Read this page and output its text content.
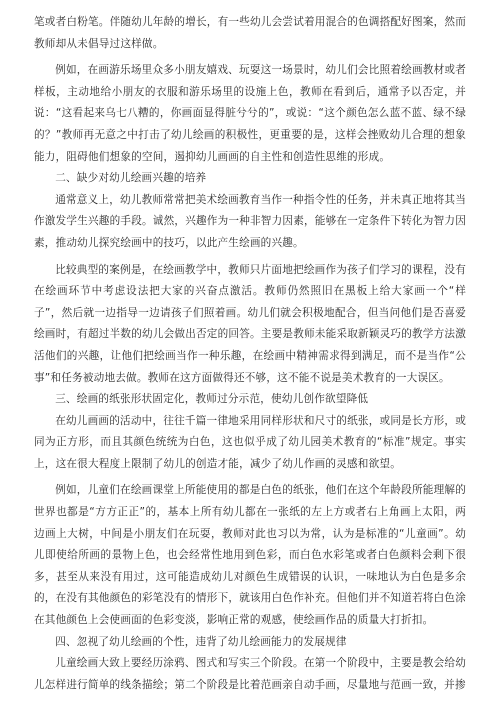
笔或者白粉笔。伴随幼儿年龄的增长，有一些幼儿会尝试着用混合的色调搭配好图案，然而教师却从未倡导过这样做。

例如，在画游乐场里众多小朋友嬉戏、玩耍这一场景时，幼儿们会比照着绘画教材或者样板，主动地给小朋友的衣服和游乐场里的设施上色，教师在看到后，通常予以否定，并说：“这看起来乌七八糟的，你画面显得脏兮兮的”，或说：“这个颜色怎么蓝不蓝、绿不绿的？”教师再无意之中打击了幼儿绘画的积极性，更重要的是，这样会挫败幼儿合理的想象能力，阻碍他们想象的空间，遏抑幼儿画画的自主性和创造性思维的形成。

二、缺少对幼儿绘画兴趣的培养

通常意义上，幼儿教师常常把美术绘画教育当作一种指令性的任务，并未真正地将其当作激发学生兴趣的手段。诚然，兴趣作为一种非智力因素，能够在一定条件下转化为智力因素，推动幼儿探究绘画中的技巧，以此产生绘画的兴趣。

比较典型的案例是，在绘画教学中，教师只片面地把绘画作为孩子们学习的课程，没有在绘画环节中考虑设法把大家的兴奋点激活。教师仍然照旧在黑板上给大家画一个“样子”，然后就一边指导一边请孩子们照着画。幼儿们就会积极地配合，但当问他们是否喜爱绘画时，有超过半数的幼儿会做出否定的回答。主要是教师未能采取新颖灵巧的教学方法激活他们的兴趣，让他们把绘画当作一种乐趣，在绘画中精神需求得到满足，而不是当作“公事”和任务被动地去做。教师在这方面做得还不够，这不能不说是美术教育的一大误区。

三、绘画的纸张形状固定化，教师过分示范，使幼儿创作欲望降低

在幼儿画画的活动中，往往千篇一律地采用同样形状和尺寸的纸张，或同是长方形，或同为正方形，而且其颜色统统为白色，这也似乎成了幼儿园美术教育的“标准”规定。事实上，这在很大程度上限制了幼儿的创造才能，减少了幼儿作画的灵感和欲望。

例如，儿童们在绘画课堂上所能使用的都是白色的纸张，他们在这个年龄段所能理解的世界也都是“方方正正”的，基本上所有幼儿都在一张纸的左上方或者右上角画上太阳，两边画上大树，中间是小朋友们在玩耍，教师对此也习以为常，认为是标准的“儿童画”。幼儿即使给所画的景物上色，也会经常性地用到色彩，而白色水彩笔或者白色颜料会剩下很多，甚至从来没有用过，这可能造成幼儿对颜色生成错误的认识，一味地认为白色是多余的，在没有其他颜色的彩笔没有的情形下，就该用白色作补充。但他们并不知道若将白色涂在其他颜色上会使画面的色彩变淡，影响正常的观感，使绘画作品的质量大打折扣。

四、忽视了幼儿绘画的个性，违背了幼儿绘画能力的发展规律

儿童绘画大致上要经历涂鸦、图式和写实三个阶段。在第一个阶段中，主要是教会给幼儿怎样进行简单的线条描绘；第二个阶段是比着范画亲自动手画，尽量地与范画一致，并掺
